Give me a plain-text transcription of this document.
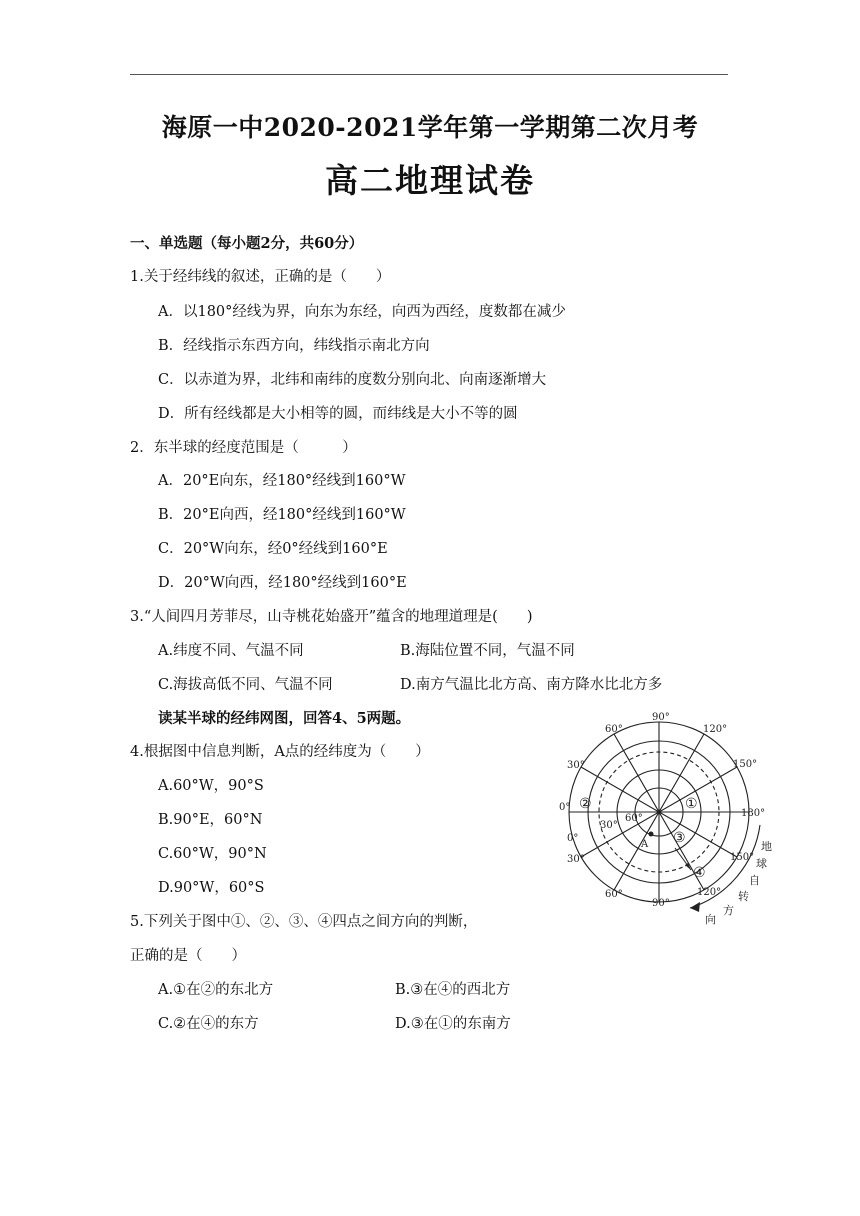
海原一中2020-2021学年第一学期第二次月考
高二地理试卷
一、单选题（每小题2分，共60分）
1.关于经纬线的叙述，正确的是（　　）
A．以180°经线为界，向东为东经，向西为西经，度数都在减少
B．经线指示东西方向，纬线指示南北方向
C．以赤道为界，北纬和南纬的度数分别向北、向南逐渐增大
D．所有经线都是大小相等的圆，而纬线是大小不等的圆
2．东半球的经度范围是（　　　）
A．20°E向东，经180°经线到160°W
B．20°E向西，经180°经线到160°W
C．20°W向东，经0°经线到160°E
D．20°W向西，经180°经线到160°E
3.“人间四月芳菲尽，山寺桃花始盛开”蕴含的地理道理是(　　)
A.纬度不同、气温不同	B.海陆位置不同，气温不同
C.海拔高低不同、气温不同	D.南方气温比北方高、南方降水比北方多
读某半球的经纬网图，回答4、5两题。
4.根据图中信息判断，A点的经纬度为（　　）
A.60°W，90°S
B.90°E，60°N
C.60°W，90°N
D.90°W，60°S
5.下列关于图中①、②、③、④四点之间方向的判断，
正确的是（　　）
A.①在②的东北方	B.③在④的西北方
C.②在④的东方	D.③在①的东南方
90°
60°	120°
30°	150°
0°
180°
0°
30°	150°
60°	120°
90°
30°
60°
A
②	①
③
④
地
球
自
转
方
向
